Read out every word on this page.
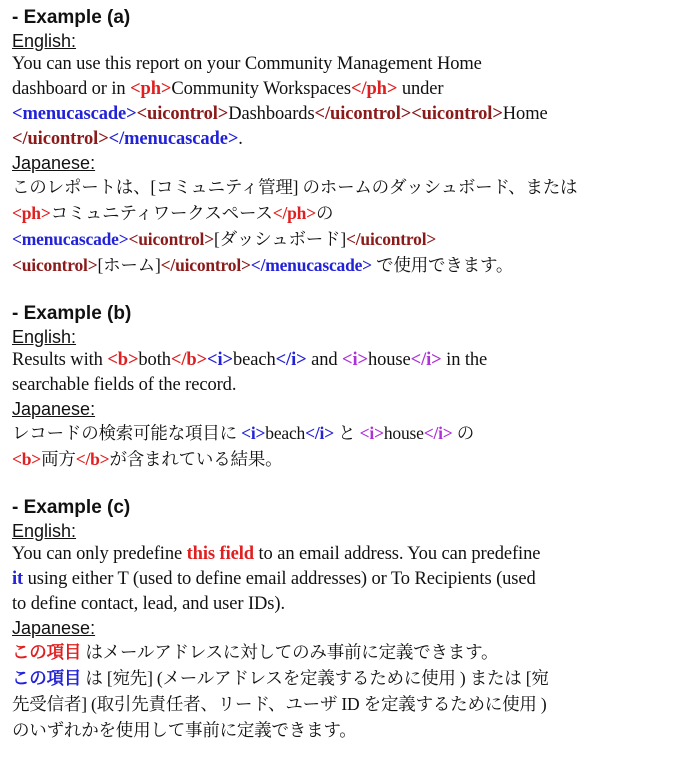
- Example (a)

English:

You can use this report on your Community Management Home

dashboard or in <ph>Community Workspaces</ph> under

<menucascade><uicontrol>Dashboards</uicontrol><uicontrol>Home

</uicontrol></menucascade>.

Japanese:

このレポートは、[コミュニティ管理] のホームのダッシュボード、または

<ph>コミュニティワークスペース</ph>の

<menucascade><uicontrol>[ダッシュボード]</uicontrol>

<uicontrol>[ホーム]</uicontrol></menucascade> で使用できます。

- Example (b)

English:

Results with <b>both</b><i>beach</i> and <i>house</i> in the

searchable fields of the record.

Japanese:

レコードの検索可能な項目に <i>beach</i> と <i>house</i> の

<b>両方</b>が含まれている結果。

- Example (c)

English:

You can only predefine this field to an email address. You can predefine

it using either T (used to define email addresses) or To Recipients (used

to define contact, lead, and user IDs).

Japanese:

この項目 はメールアドレスに対してのみ事前に定義できます。

この項目 は [宛先] (メールアドレスを定義するために使用 ) または [宛

先受信者] (取引先責任者、リード、ユーザ ID を定義するために使用 )

のいずれかを使用して事前に定義できます。
